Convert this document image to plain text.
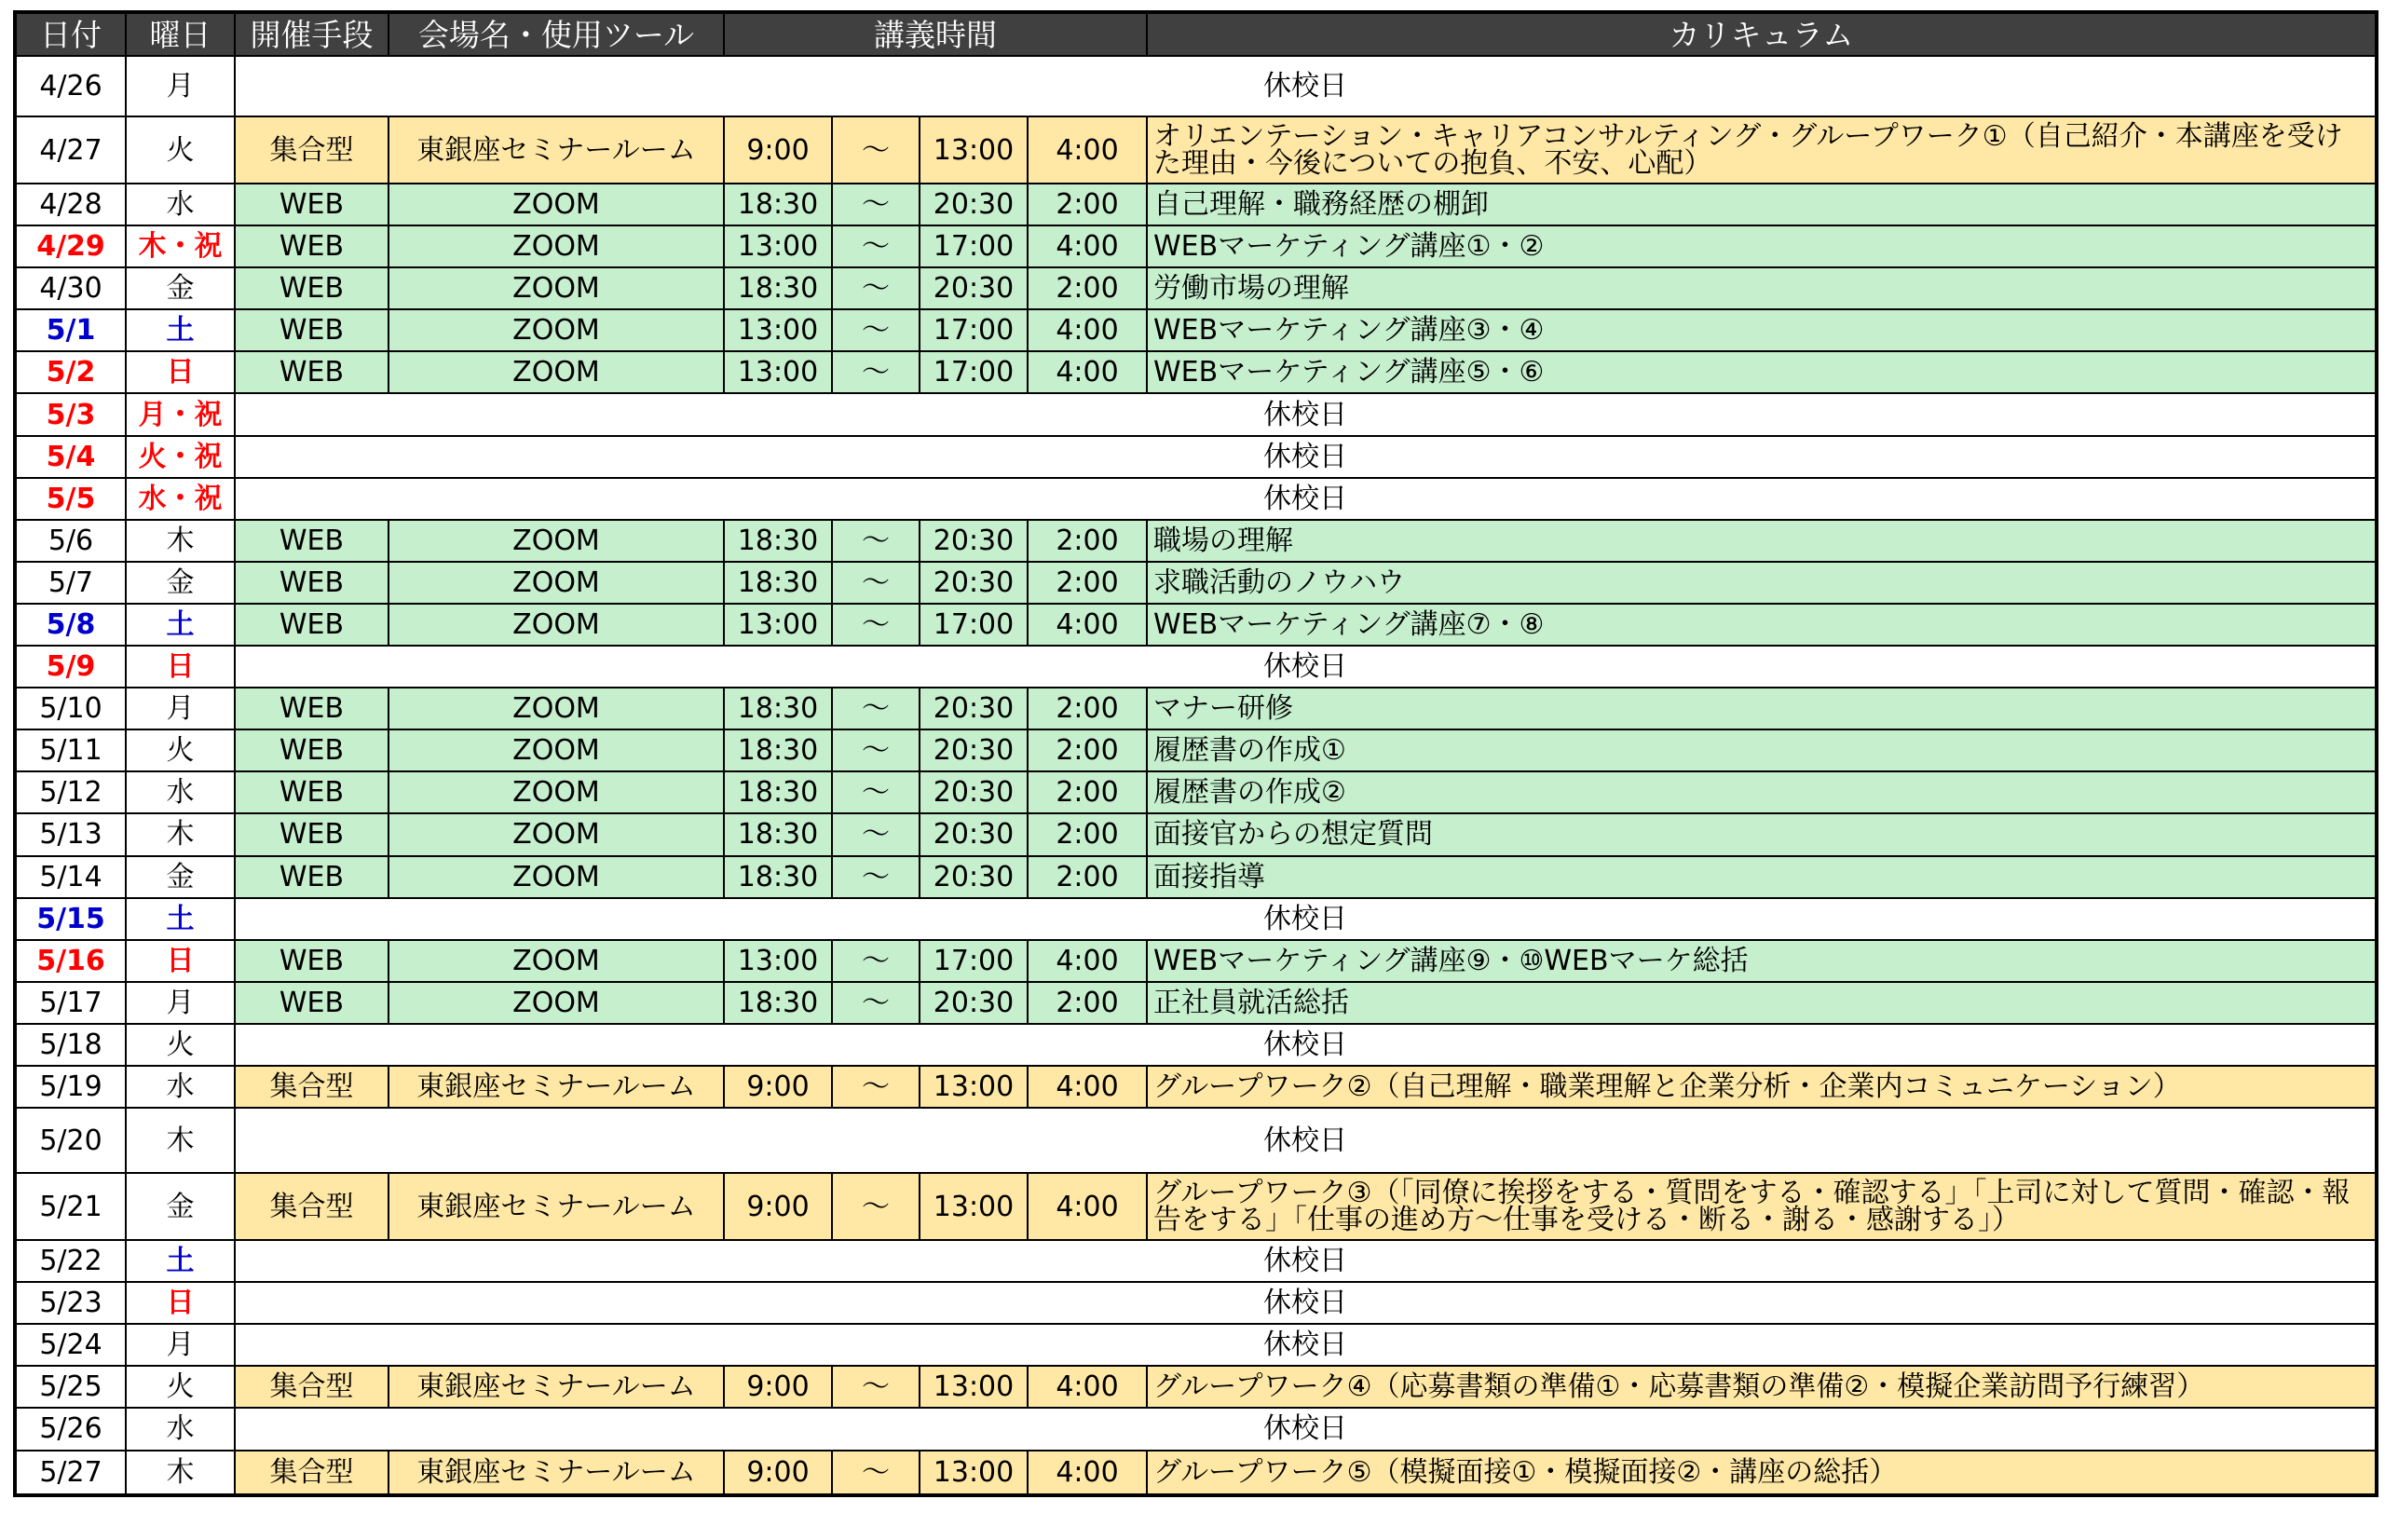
日付	曜日	開催手段	会場名・使用ツール	講義時間				カリキュラム
4/26	月	休校日						
4/27	火	集合型	東銀座セミナールーム	9:00	～	13:00	4:00	オリエンテーション・キャリアコンサルティング・グループワーク①（自己紹介・本講座を受けた理由・今後についての抱負、不安、心配）
4/28	水	WEB	ZOOM	18:30	～	20:30	2:00	自己理解・職務経歴の棚卸
4/29	木・祝	WEB	ZOOM	13:00	～	17:00	4:00	WEBマーケティング講座①・②
4/30	金	WEB	ZOOM	18:30	～	20:30	2:00	労働市場の理解
5/1	土	WEB	ZOOM	13:00	～	17:00	4:00	WEBマーケティング講座③・④
5/2	日	WEB	ZOOM	13:00	～	17:00	4:00	WEBマーケティング講座⑤・⑥
5/3	月・祝	休校日						
5/4	火・祝	休校日						
5/5	水・祝	休校日						
5/6	木	WEB	ZOOM	18:30	～	20:30	2:00	職場の理解
5/7	金	WEB	ZOOM	18:30	～	20:30	2:00	求職活動のノウハウ
5/8	土	WEB	ZOOM	13:00	～	17:00	4:00	WEBマーケティング講座⑦・⑧
5/9	日	休校日						
5/10	月	WEB	ZOOM	18:30	～	20:30	2:00	マナー研修
5/11	火	WEB	ZOOM	18:30	～	20:30	2:00	履歴書の作成①
5/12	水	WEB	ZOOM	18:30	～	20:30	2:00	履歴書の作成②
5/13	木	WEB	ZOOM	18:30	～	20:30	2:00	面接官からの想定質問
5/14	金	WEB	ZOOM	18:30	～	20:30	2:00	面接指導
5/15	土	休校日						
5/16	日	WEB	ZOOM	13:00	～	17:00	4:00	WEBマーケティング講座⑨・⑩WEBマーケ総括
5/17	月	WEB	ZOOM	18:30	～	20:30	2:00	正社員就活総括
5/18	火	休校日						
5/19	水	集合型	東銀座セミナールーム	9:00	～	13:00	4:00	グループワーク②（自己理解・職業理解と企業分析・企業内コミュニケーション）
5/20	木	休校日						
5/21	金	集合型	東銀座セミナールーム	9:00	～	13:00	4:00	グループワーク③（「同僚に挨拶をする・質問をする・確認する」「上司に対して質問・確認・報告をする」「仕事の進め方～仕事を受ける・断る・謝る・感謝する」）
5/22	土	休校日						
5/23	日	休校日						
5/24	月	休校日						
5/25	火	集合型	東銀座セミナールーム	9:00	～	13:00	4:00	グループワーク④（応募書類の準備①・応募書類の準備②・模擬企業訪問予行練習）
5/26	水	休校日						
5/27	木	集合型	東銀座セミナールーム	9:00	～	13:00	4:00	グループワーク⑤（模擬面接①・模擬面接②・講座の総括）
